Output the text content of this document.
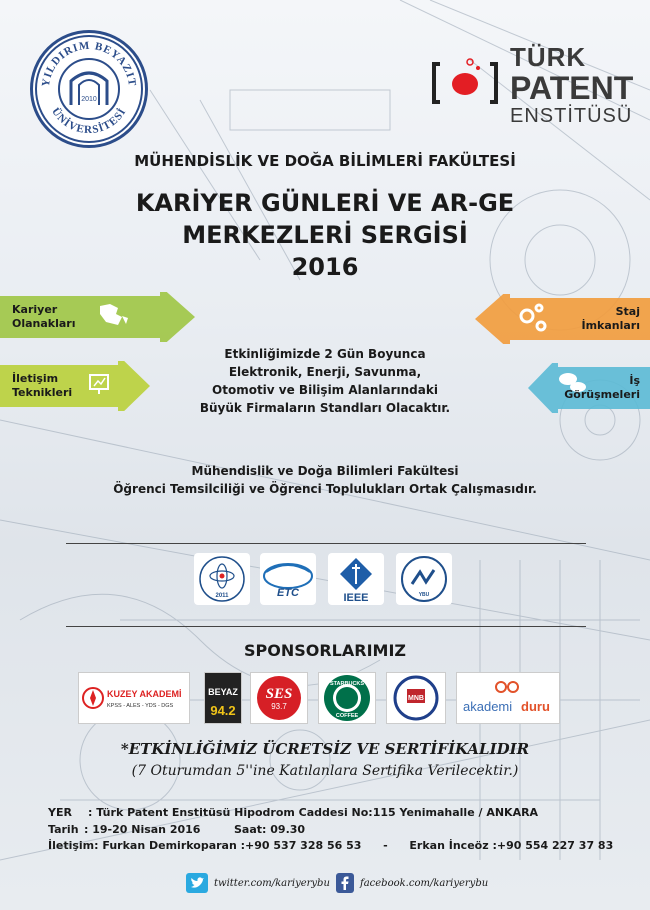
YILDIRIM BEYAZIT
ÜNİVERSİTESİ
2010
TÜRK
PATENT
ENSTİTÜSÜ
MÜHENDİSLİK VE DOĞA BİLİMLERİ FAKÜLTESİ
KARİYER GÜNLERİ VE AR-GE
MERKEZLERİ SERGİSİ
2016
Kariyer
Olanakları
İletişim
Teknikleri
Staj
İmkanları
İş
Görüşmeleri
Etkinliğimizde 2 Gün Boyunca
Elektronik, Enerji, Savunma,
Otomotiv ve Bilişim Alanlarındaki
Büyük Firmaların Standları Olacaktır.
Mühendislik ve Doğa Bilimleri Fakültesi
Öğrenci Temsilciliği ve Öğrenci Toplulukları Ortak Çalışmasıdır.
2011	ETC	IEEE	YBU
SPONSORLARIMIZ
KUZEY AKADEMİ
KPSS - ALES - YDS - DGS
BEYAZ
94.2
SES
93.7
STARBUCKS
COFFEE
MNB
akademi duru
*ETKİNLİĞİMİZ ÜCRETSİZ VE SERTİFİKALIDIR
(7 Oturumdan 5''ine Katılanlara Sertifika Verilecektir.)
YER : Türk Patent Enstitüsü Hipodrom Caddesi No:115 Yenimahalle / ANKARA
Tarih : 19-20 Nisan 2016	Saat: 09.30
İletişim: Furkan Demirkoparan :+90 537 328 56 53 - Erkan İnceöz :+90 554 227 37 83
twitter.com/kariyerybu	facebook.com/kariyerybu
